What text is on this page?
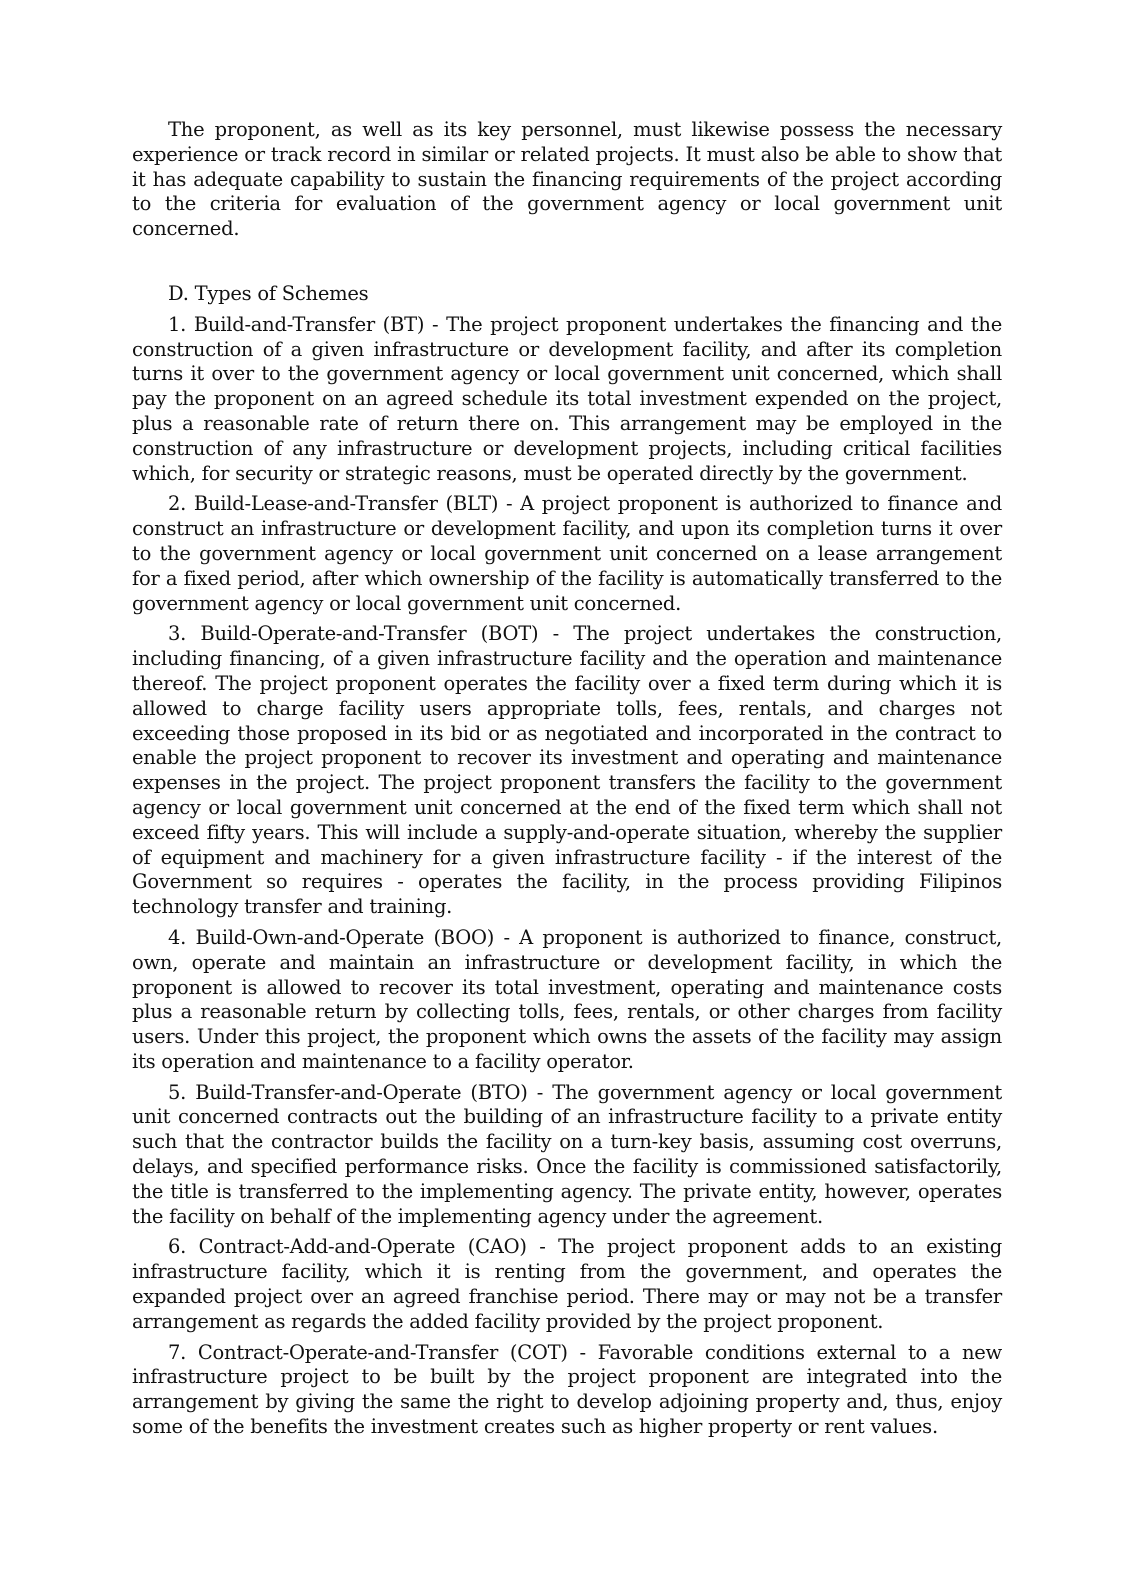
The proponent, as well as its key personnel, must likewise possess the necessary experience or track record in similar or related projects. It must also be able to show that it has adequate capability to sustain the financing requirements of the project according to the criteria for evaluation of the government agency or local government unit concerned.

D. Types of Schemes

1. Build-and-Transfer (BT) - The project proponent undertakes the financing and the construction of a given infrastructure or development facility, and after its completion turns it over to the government agency or local government unit concerned, which shall pay the proponent on an agreed schedule its total investment expended on the project, plus a reasonable rate of return there on. This arrangement may be employed in the construction of any infrastructure or development projects, including critical facilities which, for security or strategic reasons, must be operated directly by the government.

2. Build-Lease-and-Transfer (BLT) - A project proponent is authorized to finance and construct an infrastructure or development facility, and upon its completion turns it over to the government agency or local government unit concerned on a lease arrangement for a fixed period, after which ownership of the facility is automatically transferred to the government agency or local government unit concerned.

3. Build-Operate-and-Transfer (BOT) - The project undertakes the construction, including financing, of a given infrastructure facility and the operation and maintenance thereof. The project proponent operates the facility over a fixed term during which it is allowed to charge facility users appropriate tolls, fees, rentals, and charges not exceeding those proposed in its bid or as negotiated and incorporated in the contract to enable the project proponent to recover its investment and operating and maintenance expenses in the project. The project proponent transfers the facility to the government agency or local government unit concerned at the end of the fixed term which shall not exceed fifty years. This will include a supply-and-operate situation, whereby the supplier of equipment and machinery for a given infrastructure facility - if the interest of the Government so requires - operates the facility, in the process providing Filipinos technology transfer and training.

4. Build-Own-and-Operate (BOO) - A proponent is authorized to finance, construct, own, operate and maintain an infrastructure or development facility, in which the proponent is allowed to recover its total investment, operating and maintenance costs plus a reasonable return by collecting tolls, fees, rentals, or other charges from facility users. Under this project, the proponent which owns the assets of the facility may assign its operation and maintenance to a facility operator.

5. Build-Transfer-and-Operate (BTO) - The government agency or local government unit concerned contracts out the building of an infrastructure facility to a private entity such that the contractor builds the facility on a turn-key basis, assuming cost overruns, delays, and specified performance risks. Once the facility is commissioned satisfactorily, the title is transferred to the implementing agency. The private entity, however, operates the facility on behalf of the implementing agency under the agreement.

6. Contract-Add-and-Operate (CAO) - The project proponent adds to an existing infrastructure facility, which it is renting from the government, and operates the expanded project over an agreed franchise period. There may or may not be a transfer arrangement as regards the added facility provided by the project proponent.

7. Contract-Operate-and-Transfer (COT) - Favorable conditions external to a new infrastructure project to be built by the project proponent are integrated into the arrangement by giving the same the right to develop adjoining property and, thus, enjoy some of the benefits the investment creates such as higher property or rent values.
